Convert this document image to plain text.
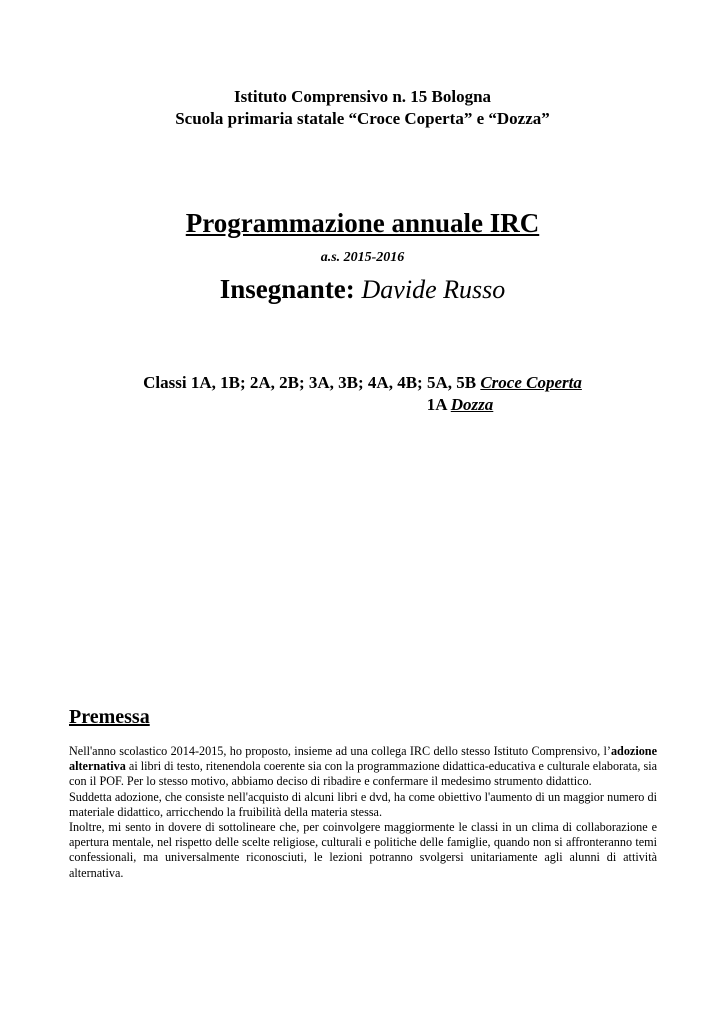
Istituto Comprensivo n. 15 Bologna
Scuola primaria statale “Croce Coperta” e “Dozza”
Programmazione annuale IRC
a.s. 2015-2016
Insegnante: Davide Russo
Classi 1A, 1B; 2A, 2B; 3A, 3B; 4A, 4B; 5A, 5B Croce Coperta
1A Dozza
Premessa

Nell'anno scolastico 2014-2015, ho proposto, insieme ad una collega IRC dello stesso Istituto Comprensivo, l’adozione alternativa ai libri di testo, ritenendola coerente sia con la programmazione didattica-educativa e culturale elaborata, sia con il POF. Per lo stesso motivo, abbiamo deciso di ribadire e confermare il medesimo strumento didattico.

Suddetta adozione, che consiste nell'acquisto di alcuni libri e dvd, ha come obiettivo l'aumento di un maggior numero di materiale didattico, arricchendo la fruibilità della materia stessa.

Inoltre, mi sento in dovere di sottolineare che, per coinvolgere maggiormente le classi in un clima di collaborazione e apertura mentale, nel rispetto delle scelte religiose, culturali e politiche delle famiglie, quando non si affronteranno temi confessionali, ma universalmente riconosciuti, le lezioni potranno svolgersi unitariamente agli alunni di attività alternativa.
